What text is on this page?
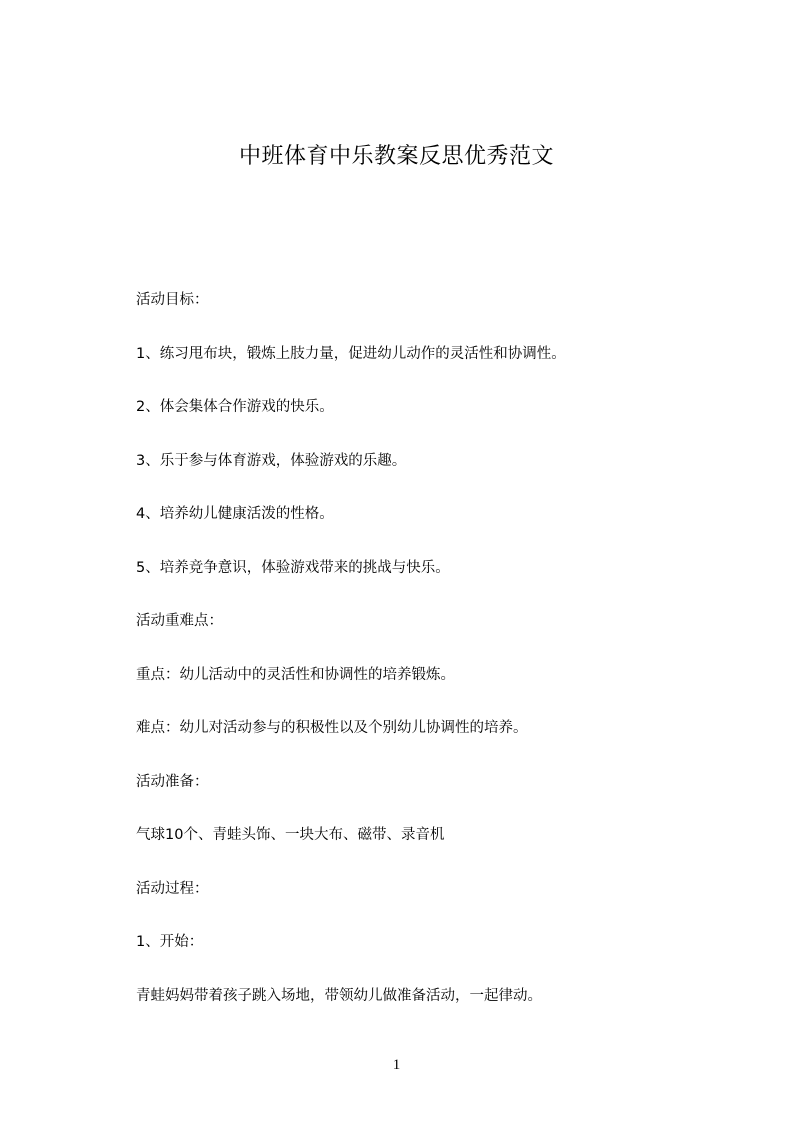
中班体育中乐教案反思优秀范文
活动目标：
1、练习甩布块，锻炼上肢力量，促进幼儿动作的灵活性和协调性。
2、体会集体合作游戏的快乐。
3、乐于参与体育游戏，体验游戏的乐趣。
4、培养幼儿健康活泼的性格。
5、培养竞争意识，体验游戏带来的挑战与快乐。
活动重难点：
重点：幼儿活动中的灵活性和协调性的培养锻炼。
难点：幼儿对活动参与的积极性以及个别幼儿协调性的培养。
活动准备：
气球10个、青蛙头饰、一块大布、磁带、录音机
活动过程：
1、开始：
青蛙妈妈带着孩子跳入场地，带领幼儿做准备活动，一起律动。
1
